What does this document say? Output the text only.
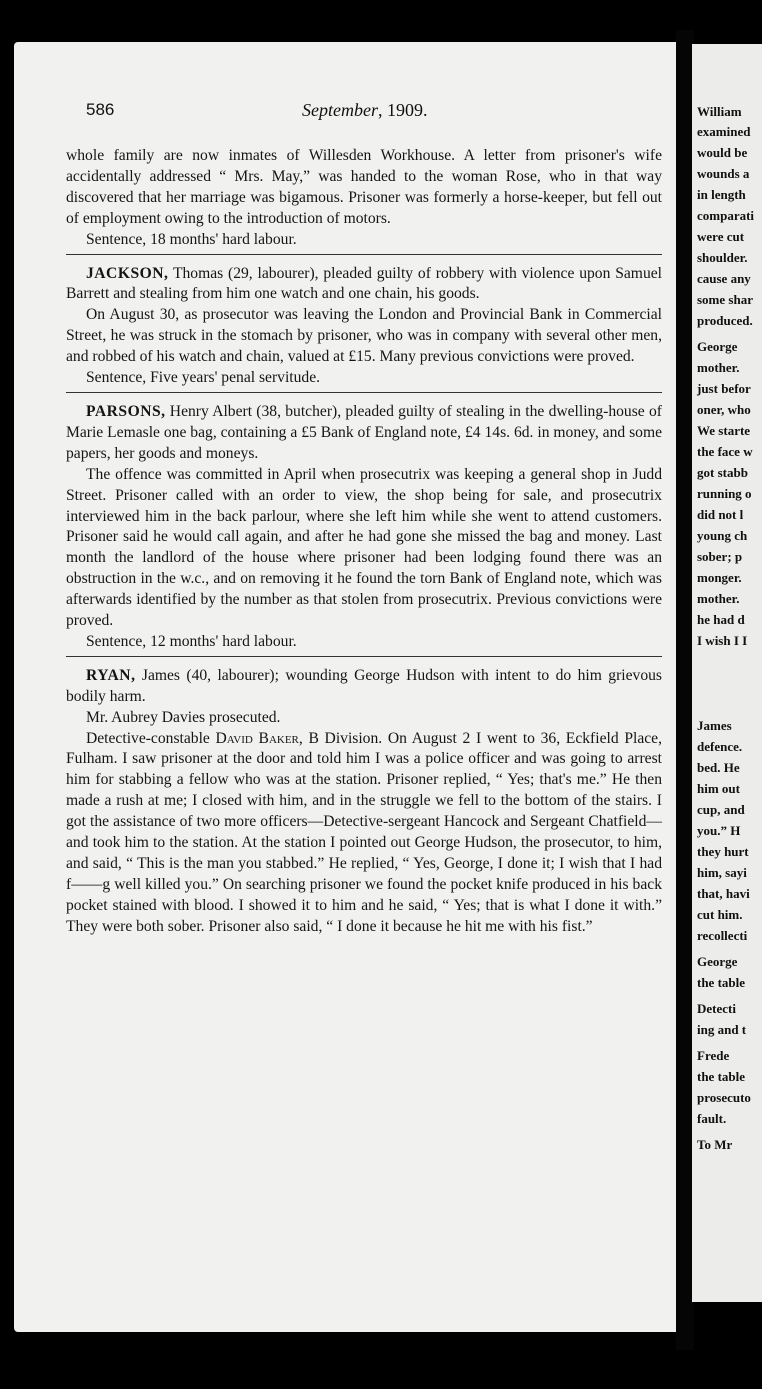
586	September, 1909.

whole family are now inmates of Willesden Workhouse. A letter from prisoner's wife accidentally addressed “ Mrs. May,” was handed to the woman Rose, who in that way discovered that her marriage was bigamous. Prisoner was formerly a horse-keeper, but fell out of employment owing to the introduction of motors.

Sentence, 18 months' hard labour.

JACKSON, Thomas (29, labourer), pleaded guilty of robbery with violence upon Samuel Barrett and stealing from him one watch and one chain, his goods.

On August 30, as prosecutor was leaving the London and Provincial Bank in Commercial Street, he was struck in the stomach by prisoner, who was in company with several other men, and robbed of his watch and chain, valued at £15. Many previous convictions were proved.

Sentence, Five years' penal servitude.

PARSONS, Henry Albert (38, butcher), pleaded guilty of stealing in the dwelling-house of Marie Lemasle one bag, containing a £5 Bank of England note, £4 14s. 6d. in money, and some papers, her goods and moneys.

The offence was committed in April when prosecutrix was keeping a general shop in Judd Street. Prisoner called with an order to view, the shop being for sale, and prosecutrix interviewed him in the back parlour, where she left him while she went to attend customers. Prisoner said he would call again, and after he had gone she missed the bag and money. Last month the landlord of the house where prisoner had been lodging found there was an obstruction in the w.c., and on removing it he found the torn Bank of England note, which was afterwards identified by the number as that stolen from prosecutrix. Previous convictions were proved.

Sentence, 12 months' hard labour.

RYAN, James (40, labourer); wounding George Hudson with intent to do him grievous bodily harm.

Mr. Aubrey Davies prosecuted.

Detective-constable David Baker, B Division. On August 2 I went to 36, Eckfield Place, Fulham. I saw prisoner at the door and told him I was a police officer and was going to arrest him for stabbing a fellow who was at the station. Prisoner replied, “ Yes; that's me.” He then made a rush at me; I closed with him, and in the struggle we fell to the bottom of the stairs. I got the assistance of two more officers—Detective-sergeant Hancock and Sergeant Chatfield—and took him to the station. At the station I pointed out George Hudson, the prosecutor, to him, and said, “ This is the man you stabbed.” He replied, “ Yes, George, I done it; I wish that I had f——g well killed you.” On searching prisoner we found the pocket knife produced in his back pocket stained with blood. I showed it to him and he said, “ Yes; that is what I done it with.” They were both sober. Prisoner also said, “ I done it because he hit me with his fist.”

William
examined
would be
wounds a
in length
comparati
were cut
shoulder.
cause any
some shar
produced.
George
mother.
just befor
oner, who
We starte
the face w
got stabb
running o
did not l
young ch
sober; p
monger.
mother.
he had d
I wish I I
James
defence.
bed. He
him out
cup, and
you.” H
they hurt
him, sayi
that, havi
cut him.
recollecti
George
the table
Detecti
ing and t
Frede
the table
prosecuto
fault.
To Mr
